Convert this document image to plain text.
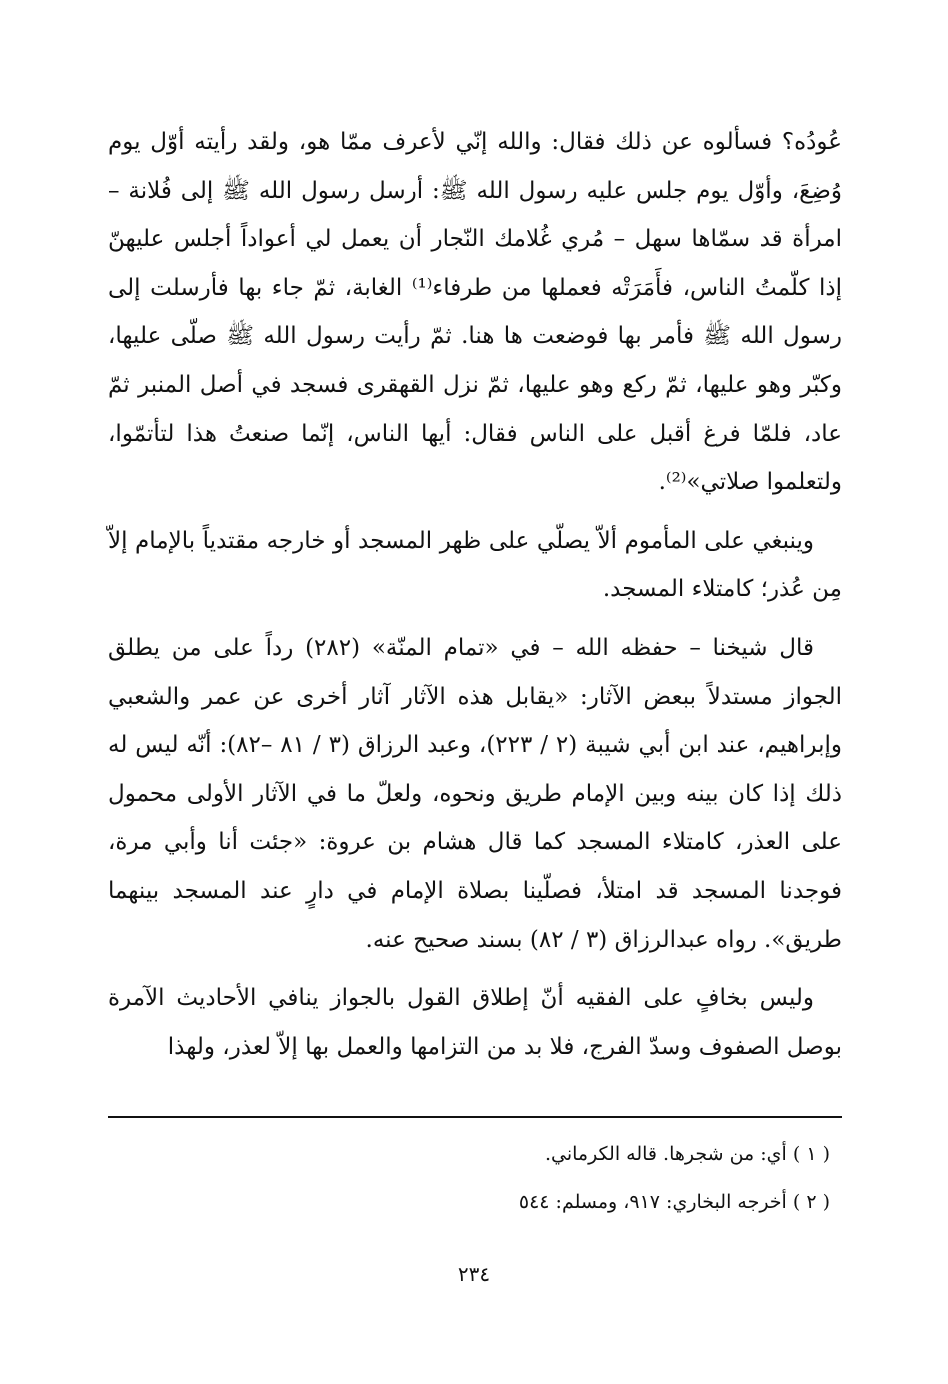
عُودُه؟ فسألوه عن ذلك فقال: والله إنّي لأعرف ممّا هو، ولقد رأيته أوّل يوم وُضِعَ، وأوّل يوم جلس عليه رسول الله ﷺ: أرسل رسول الله ﷺ إلى فُلانة – امرأة قد سمّاها سهل – مُري غُلامك النّجار أن يعمل لي أعواداً أجلس عليهنّ إذا كلّمتُ الناس، فأَمَرَتْه فعملها من طرفاء⁽¹⁾ الغابة، ثمّ جاء بها فأرسلت إلى رسول الله ﷺ فأمر بها فوضعت ها هنا. ثمّ رأيت رسول الله ﷺ صلّى عليها، وكبّر وهو عليها، ثمّ ركع وهو عليها، ثمّ نزل القهقرى فسجد في أصل المنبر ثمّ عاد، فلمّا فرغ أقبل على الناس فقال: أيها الناس، إنّما صنعتُ هذا لتأتمّوا، ولتعلموا صلاتي»⁽²⁾.

وينبغي على المأموم ألاّ يصلّي على ظهر المسجد أو خارجه مقتدياً بالإمام إلاّ مِن عُذر؛ كامتلاء المسجد.

قال شيخنا – حفظه الله – في «تمام المنّة» (٢٨٢) رداً على من يطلق الجواز مستدلاً ببعض الآثار: «يقابل هذه الآثار آثار أخرى عن عمر والشعبي وإبراهيم، عند ابن أبي شيبة (٢ / ٢٢٣)، وعبد الرزاق (٣ / ٨١ –٨٢): أنّه ليس له ذلك إذا كان بينه وبين الإمام طريق ونحوه، ولعلّ ما في الآثار الأولى محمول على العذر، كامتلاء المسجد كما قال هشام بن عروة: «جئت أنا وأبي مرة، فوجدنا المسجد قد امتلأ، فصلّينا بصلاة الإمام في دارٍ عند المسجد بينهما طريق». رواه عبدالرزاق (٣ / ٨٢) بسند صحيح عنه.

وليس بخافٍ على الفقيه أنّ إطلاق القول بالجواز ينافي الأحاديث الآمرة بوصل الصفوف وسدّ الفرج، فلا بد من التزامها والعمل بها إلاّ لعذر، ولهذا

( ١ ) أي: من شجرها. قاله الكرماني.
( ٢ ) أخرجه البخاري: ٩١٧، ومسلم: ٥٤٤
٢٣٤
